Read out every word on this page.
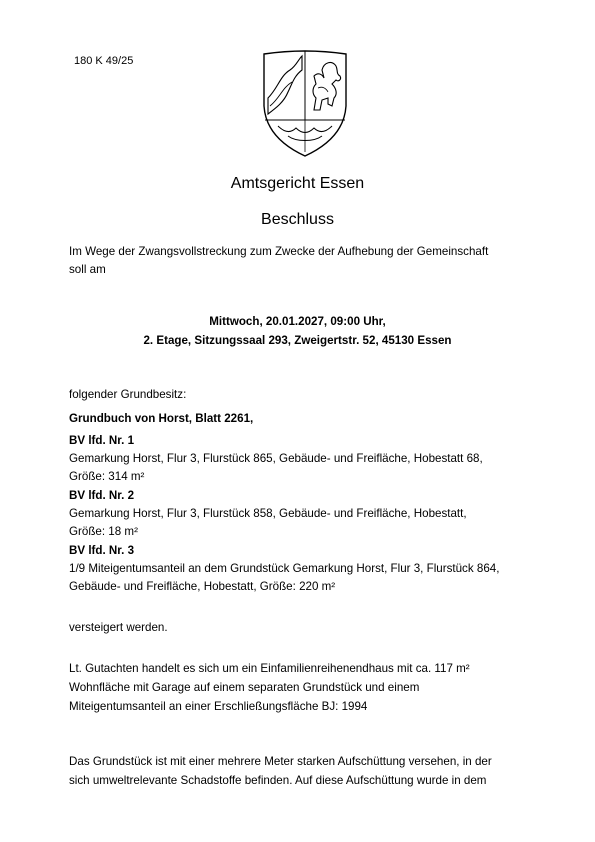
180 K 49/25
Amtsgericht Essen
Beschluss
Im Wege der Zwangsvollstreckung zum Zwecke der Aufhebung der Gemeinschaft
soll am
Mittwoch, 20.01.2027, 09:00 Uhr,
2. Etage, Sitzungssaal 293, Zweigertstr. 52, 45130 Essen
folgender Grundbesitz:
Grundbuch von Horst, Blatt 2261,
BV lfd. Nr. 1
Gemarkung Horst, Flur 3, Flurstück 865, Gebäude- und Freifläche, Hobestatt 68,
Größe: 314 m²
BV lfd. Nr. 2
Gemarkung Horst, Flur 3, Flurstück 858, Gebäude- und Freifläche, Hobestatt,
Größe: 18 m²
BV lfd. Nr. 3
1/9 Miteigentumsanteil an dem Grundstück Gemarkung Horst, Flur 3, Flurstück 864,
Gebäude- und Freifläche, Hobestatt, Größe: 220 m²
versteigert werden.
Lt. Gutachten handelt es sich um ein Einfamilienreihenendhaus mit ca. 117 m²
Wohnfläche mit Garage auf einem separaten Grundstück und einem
Miteigentumsanteil an einer Erschließungsfläche BJ: 1994
Das Grundstück ist mit einer mehrere Meter starken Aufschüttung versehen, in der
sich umweltrelevante Schadstoffe befinden. Auf diese Aufschüttung wurde in dem
